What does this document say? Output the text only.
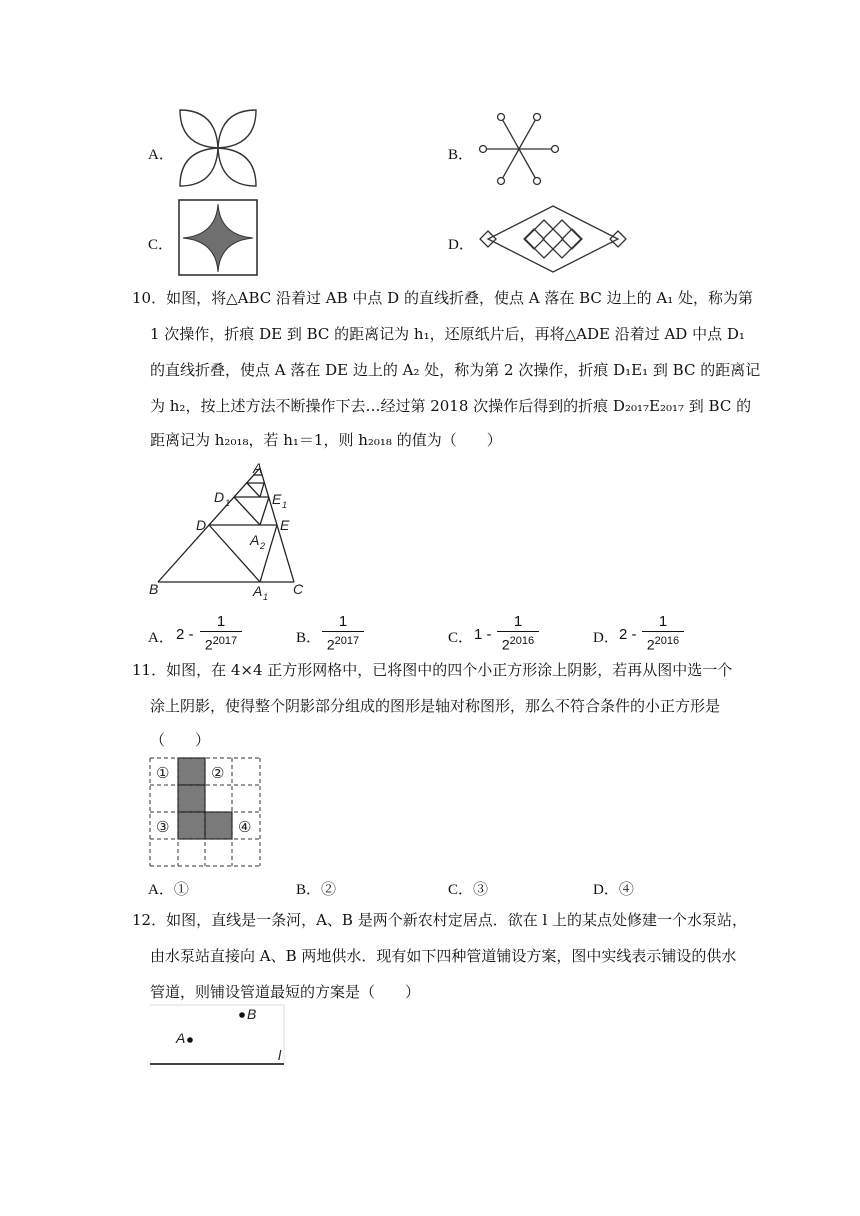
A．	B．
C．	D．
10．如图，将△ABC 沿着过 AB 中点 D 的直线折叠，使点 A 落在 BC 边上的 A₁ 处，称为第
1 次操作，折痕 DE 到 BC 的距离记为 h₁，还原纸片后，再将△ADE 沿着过 AD 中点 D₁
的直线折叠，使点 A 落在 DE 边上的 A₂ 处，称为第 2 次操作，折痕 D₁E₁ 到 BC 的距离记
为 h₂，按上述方法不断操作下去…经过第 2018 次操作后得到的折痕 D₂₀₁₇E₂₀₁₇ 到 BC 的
距离记为 h₂₀₁₈，若 h₁＝1，则 h₂₀₁₈ 的值为（　　）
A
D 1	E 1
D	E
A 2
B	A 1 C
A． 2 -
1
$2^{2017}$	B．
1
$2^{2017}$	C． 1 -
1
$2^{2016}$	D． 2 -
1
$2^{2016}$
11．如图，在 4×4 正方形网格中，已将图中的四个小正方形涂上阴影，若再从图中选一个
涂上阴影，使得整个阴影部分组成的图形是轴对称图形，那么不符合条件的小正方形是
（　　）
①	②
③	④
A．①	B．②	C．③	D．④
12．如图，直线是一条河，A、B 是两个新农村定居点．欲在 l 上的某点处修建一个水泵站，
由水泵站直接向 A、B 两地供水．现有如下四种管道铺设方案，图中实线表示铺设的供水
管道，则铺设管道最短的方案是（　　）
A
B
l
